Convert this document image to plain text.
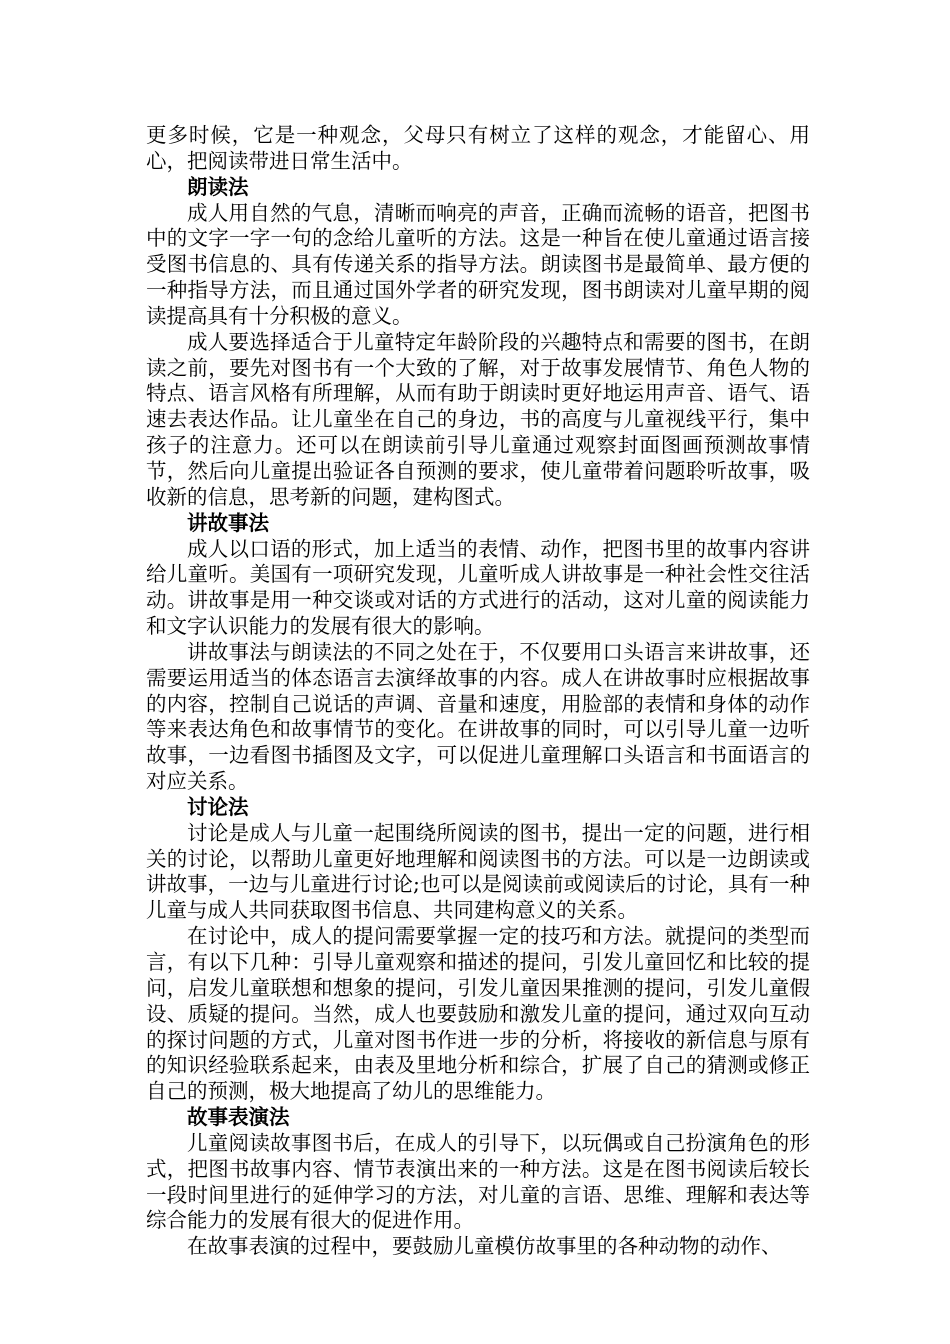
更多时候，它是一种观念，父母只有树立了这样的观念，才能留心、用心，把阅读带进日常生活中。

朗读法

成人用自然的气息，清晰而响亮的声音，正确而流畅的语音，把图书中的文字一字一句的念给儿童听的方法。这是一种旨在使儿童通过语言接受图书信息的、具有传递关系的指导方法。朗读图书是最简单、最方便的一种指导方法，而且通过国外学者的研究发现，图书朗读对儿童早期的阅读提高具有十分积极的意义。

成人要选择适合于儿童特定年龄阶段的兴趣特点和需要的图书，在朗读之前，要先对图书有一个大致的了解，对于故事发展情节、角色人物的特点、语言风格有所理解，从而有助于朗读时更好地运用声音、语气、语速去表达作品。让儿童坐在自己的身边，书的高度与儿童视线平行，集中孩子的注意力。还可以在朗读前引导儿童通过观察封面图画预测故事情节，然后向儿童提出验证各自预测的要求，使儿童带着问题聆听故事，吸收新的信息，思考新的问题，建构图式。

讲故事法

成人以口语的形式，加上适当的表情、动作，把图书里的故事内容讲给儿童听。美国有一项研究发现，儿童听成人讲故事是一种社会性交往活动。讲故事是用一种交谈或对话的方式进行的活动，这对儿童的阅读能力和文字认识能力的发展有很大的影响。

讲故事法与朗读法的不同之处在于，不仅要用口头语言来讲故事，还需要运用适当的体态语言去演绎故事的内容。成人在讲故事时应根据故事的内容，控制自己说话的声调、音量和速度，用脸部的表情和身体的动作等来表达角色和故事情节的变化。在讲故事的同时，可以引导儿童一边听故事，一边看图书插图及文字，可以促进儿童理解口头语言和书面语言的对应关系。

讨论法

讨论是成人与儿童一起围绕所阅读的图书，提出一定的问题，进行相关的讨论，以帮助儿童更好地理解和阅读图书的方法。可以是一边朗读或讲故事，一边与儿童进行讨论;也可以是阅读前或阅读后的讨论，具有一种儿童与成人共同获取图书信息、共同建构意义的关系。

在讨论中，成人的提问需要掌握一定的技巧和方法。就提问的类型而言，有以下几种：引导儿童观察和描述的提问，引发儿童回忆和比较的提问，启发儿童联想和想象的提问，引发儿童因果推测的提问，引发儿童假设、质疑的提问。当然，成人也要鼓励和激发儿童的提问，通过双向互动的探讨问题的方式，儿童对图书作进一步的分析，将接收的新信息与原有的知识经验联系起来，由表及里地分析和综合，扩展了自己的猜测或修正自己的预测，极大地提高了幼儿的思维能力。

故事表演法

儿童阅读故事图书后，在成人的引导下，以玩偶或自己扮演角色的形式，把图书故事内容、情节表演出来的一种方法。这是在图书阅读后较长一段时间里进行的延伸学习的方法，对儿童的言语、思维、理解和表达等综合能力的发展有很大的促进作用。

在故事表演的过程中，要鼓励儿童模仿故事里的各种动物的动作、
